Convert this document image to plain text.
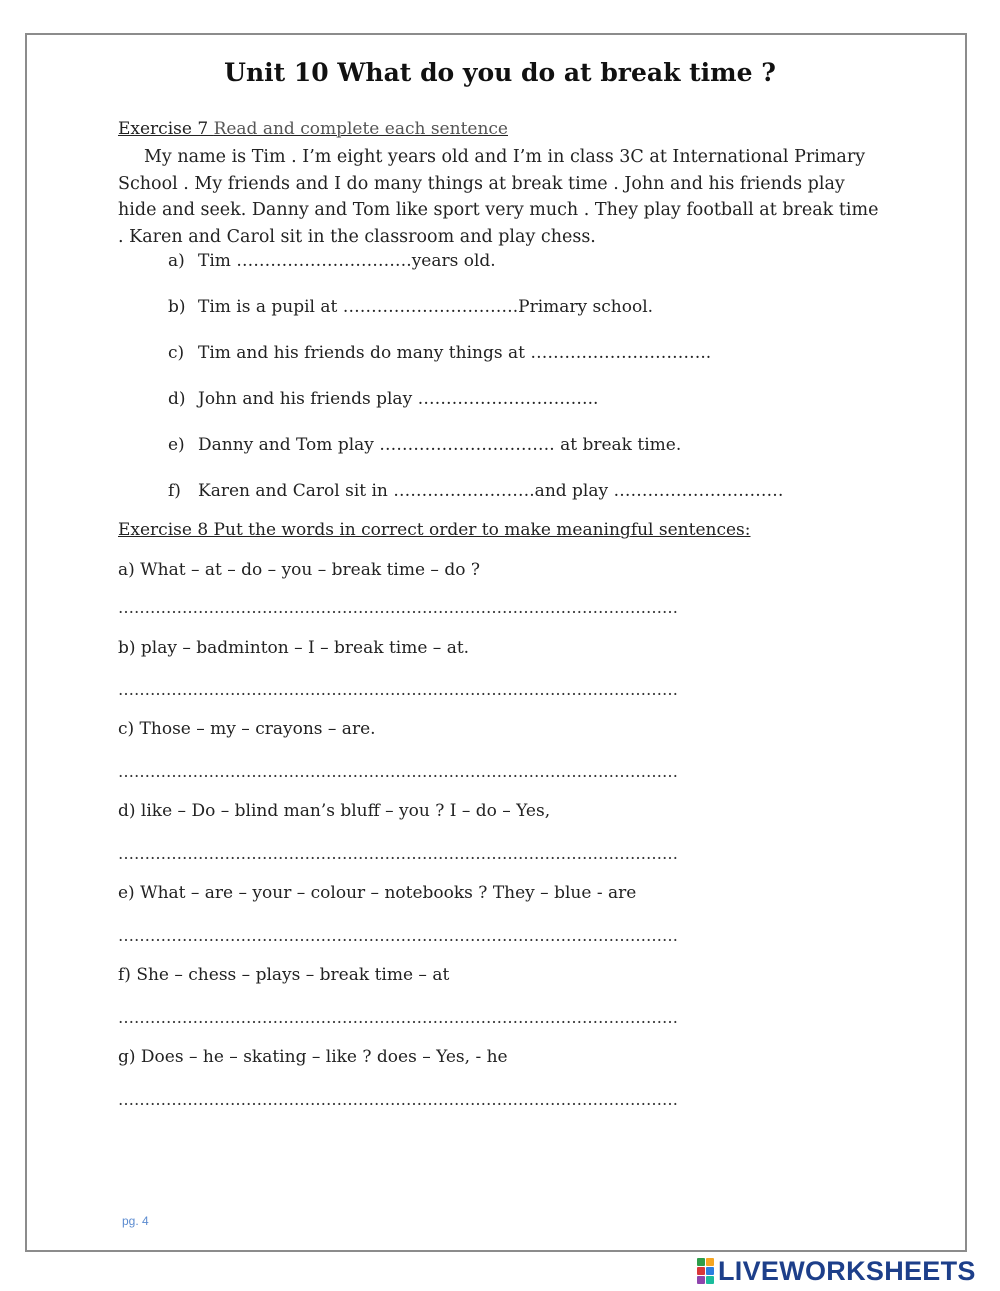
Unit 10 What do you do at break time ?
Exercise 7 Read and complete each sentence

My name is Tim . I’m eight years old and I’m in class 3C at International Primary School . My friends and I do many things at break time . John and his friends play hide and seek. Danny and Tom like sport very much . They play football at break time . Karen and Carol sit in the classroom and play chess.

a) Tim ………………………….years old.
b) Tim is a pupil at ………………………….Primary school.
c) Tim and his friends do many things at …………………………..
d) John and his friends play …………………………..
e) Danny and Tom play …………………………. at break time.
f) Karen and Carol sit in …………………….and play …………………………
Exercise 8 Put the words in correct order to make meaningful sentences:
a) What – at – do – you – break time – do ?
……………………………………………………………………………………………
b) play – badminton – I – break time – at.
……………………………………………………………………………………………
c) Those – my – crayons – are.
……………………………………………………………………………………………
d) like – Do – blind man’s bluff – you ? I – do – Yes,
……………………………………………………………………………………………
e) What – are – your – colour – notebooks ? They – blue - are
……………………………………………………………………………………………
f) She – chess – plays – break time – at
……………………………………………………………………………………………
g) Does – he – skating – like ? does – Yes, - he
……………………………………………………………………………………………
pg. 4
LIVEWORKSHEETS
